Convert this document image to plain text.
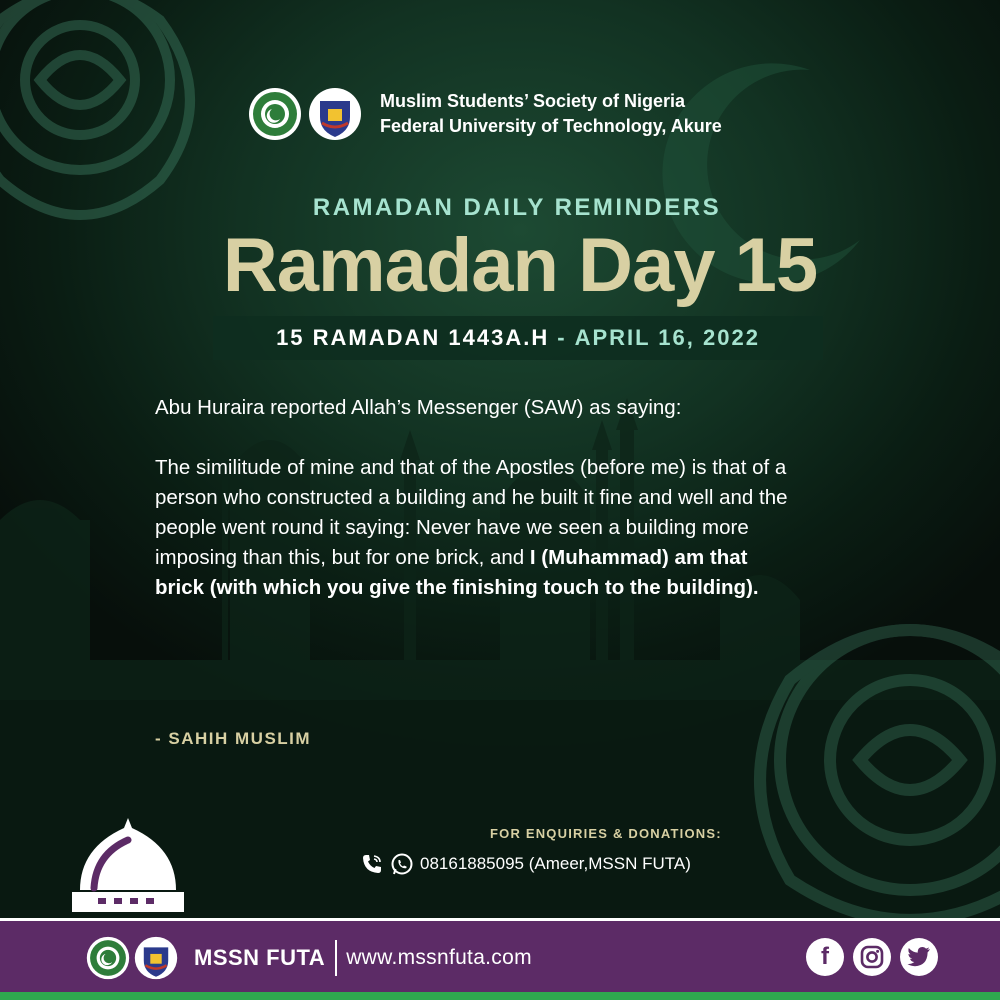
Muslim Students’ Society of Nigeria
Federal University of Technology, Akure
RAMADAN DAILY REMINDERS
Ramadan Day 15
15 RAMADAN 1443A.H - APRIL 16, 2022

Abu Huraira reported Allah’s Messenger (SAW) as saying:

The similitude of mine and that of the Apostles (before me) is that of a person who constructed a building and he built it fine and well and the people went round it saying: Never have we seen a building more imposing than this, but for one brick, and I (Muhammad) am that brick (with which you give the finishing touch to the building).

- SAHIH MUSLIM
FOR ENQUIRIES & DONATIONS:
08161885095 (Ameer,MSSN FUTA)
MSSN FUTA www.mssnfuta.com	f
